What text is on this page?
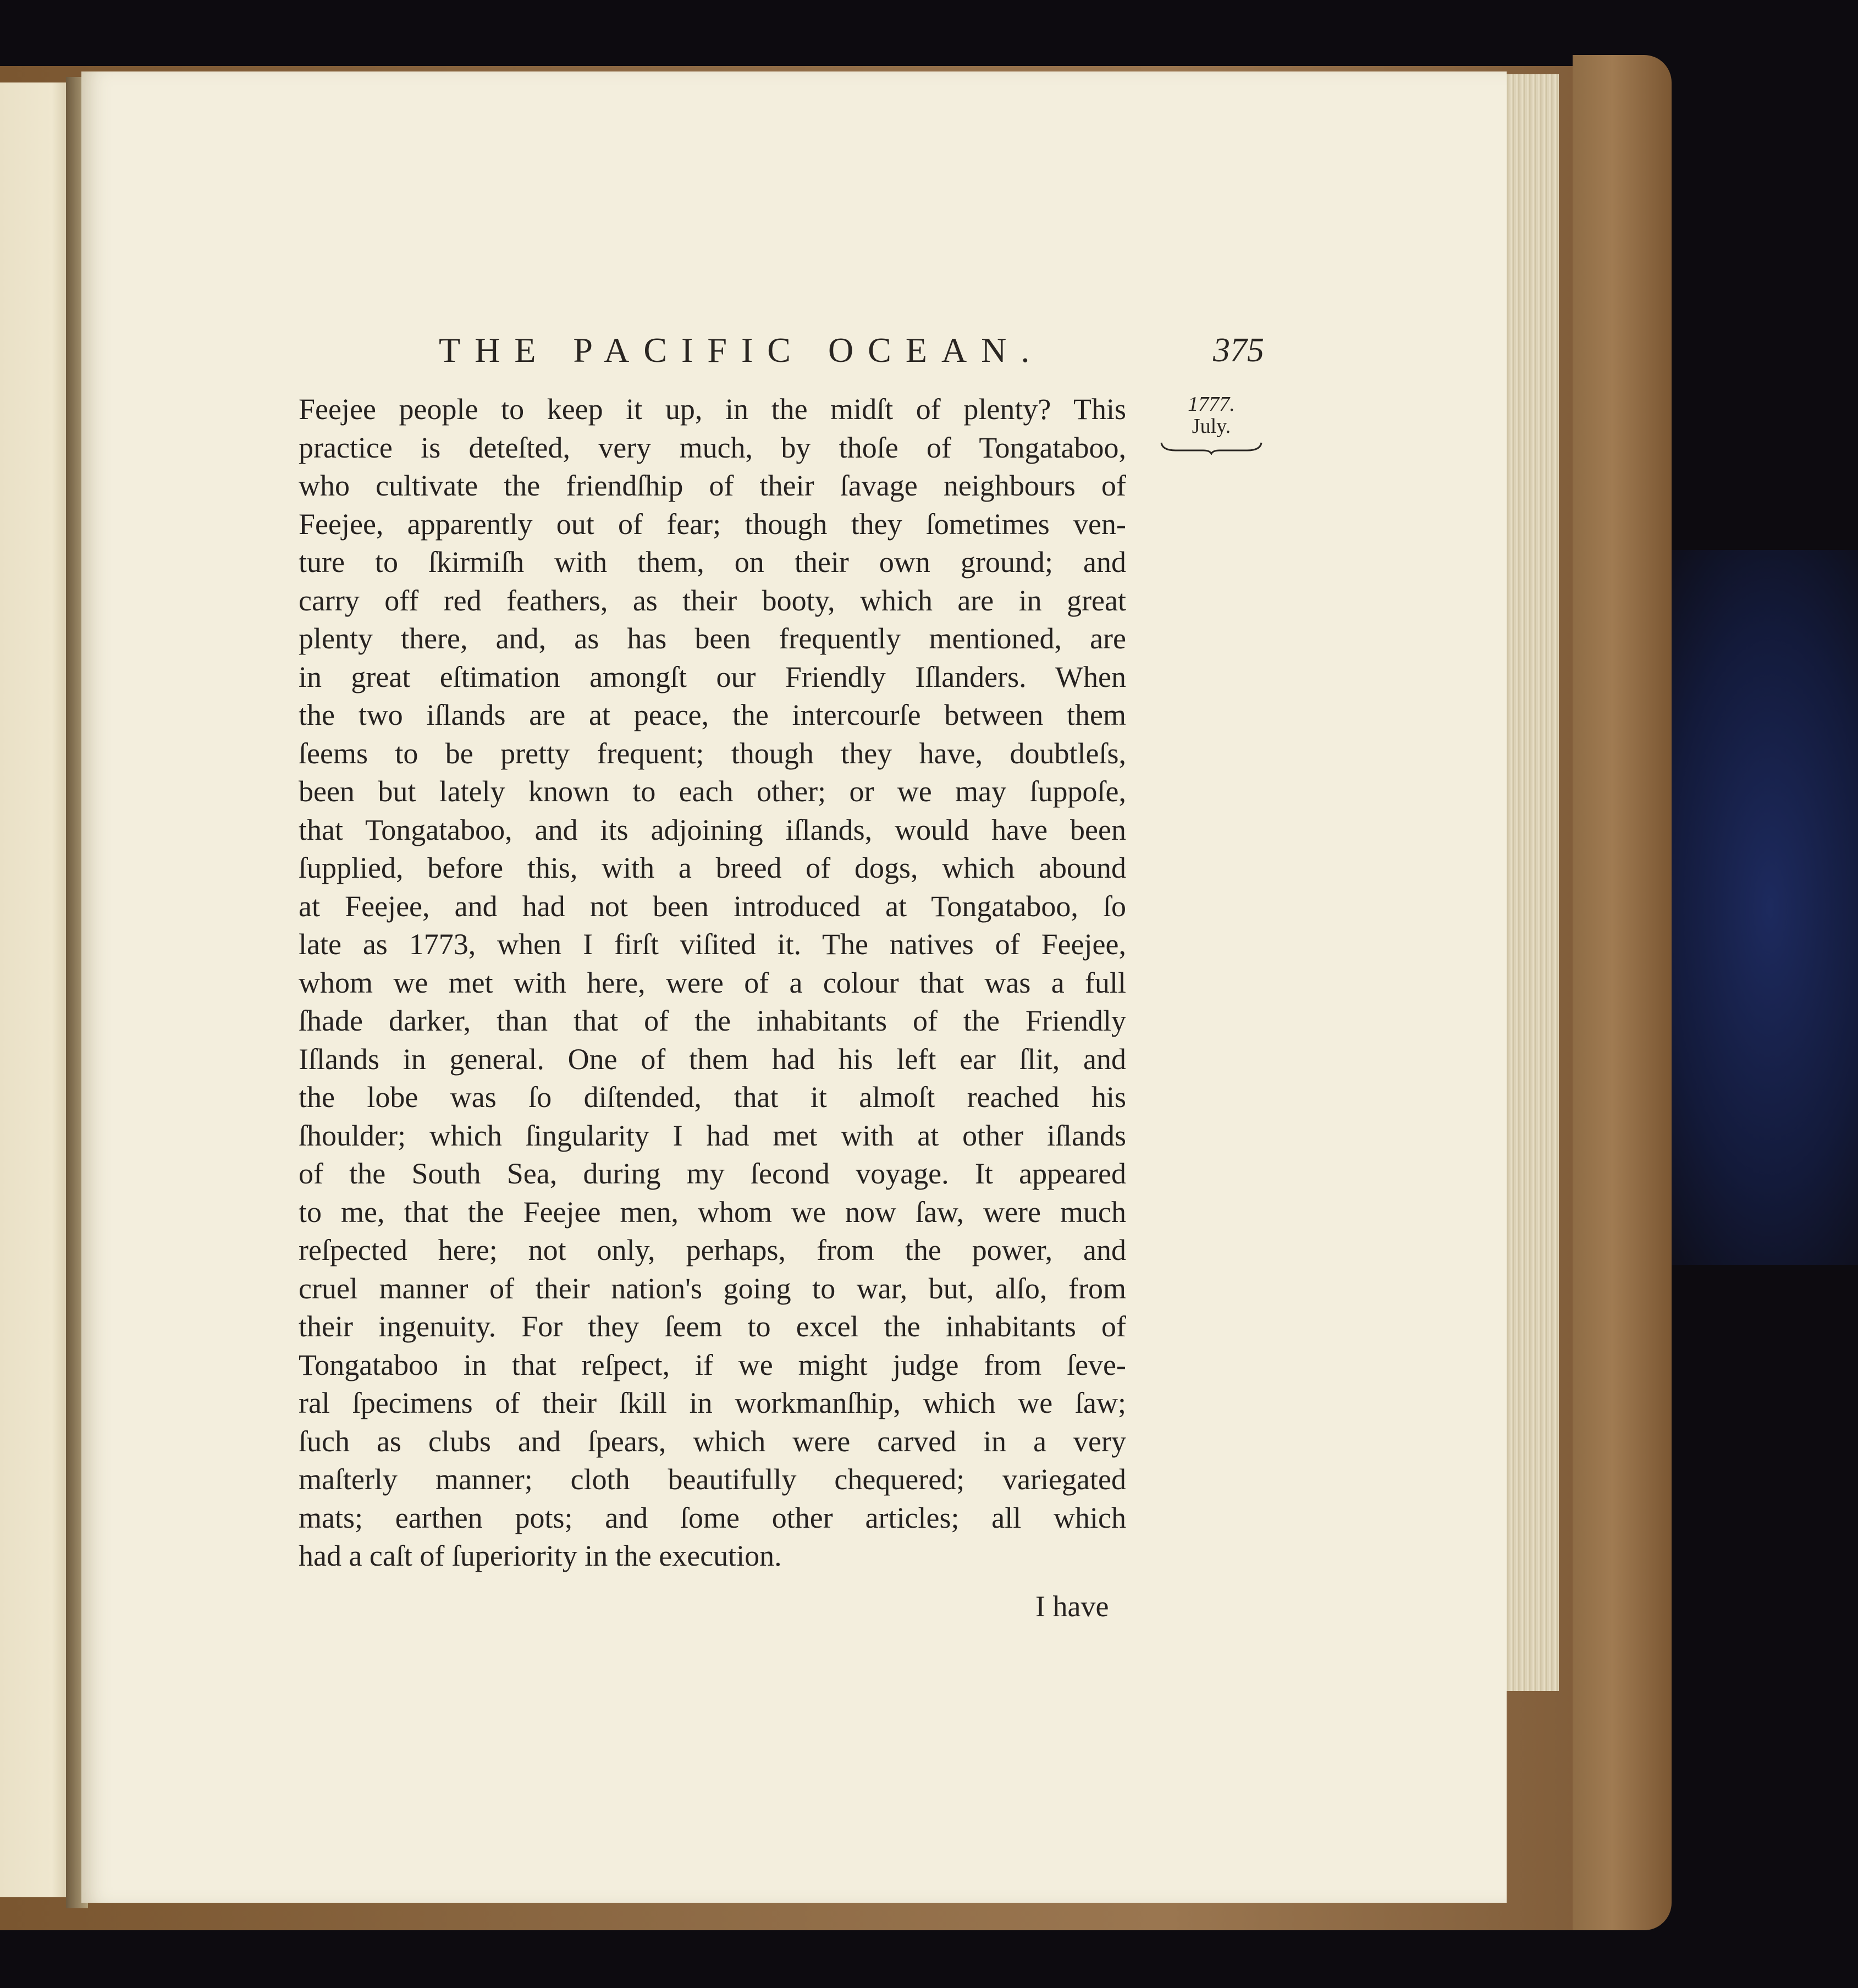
THE PACIFIC OCEAN.	375
1777.
July.
Feejee people to keep it up, in the midſt of plenty? This
practice is deteſted, very much, by thoſe of Tongataboo,
who cultivate the friendſhip of their ſavage neighbours of
Feejee, apparently out of fear; though they ſometimes ven-
ture to ſkirmiſh with them, on their own ground; and
carry off red feathers, as their booty, which are in great
plenty there, and, as has been frequently mentioned, are
in great eſtimation amongſt our Friendly Iſlanders. When
the two iſlands are at peace, the intercourſe between them
ſeems to be pretty frequent; though they have, doubtleſs,
been but lately known to each other; or we may ſuppoſe,
that Tongataboo, and its adjoining iſlands, would have been
ſupplied, before this, with a breed of dogs, which abound
at Feejee, and had not been introduced at Tongataboo, ſo
late as 1773, when I firſt viſited it. The natives of Feejee,
whom we met with here, were of a colour that was a full
ſhade darker, than that of the inhabitants of the Friendly
Iſlands in general. One of them had his left ear ſlit, and
the lobe was ſo diſtended, that it almoſt reached his
ſhoulder; which ſingularity I had met with at other iſlands
of the South Sea, during my ſecond voyage. It appeared
to me, that the Feejee men, whom we now ſaw, were much
reſpected here; not only, perhaps, from the power, and
cruel manner of their nation's going to war, but, alſo, from
their ingenuity. For they ſeem to excel the inhabitants of
Tongataboo in that reſpect, if we might judge from ſeve-
ral ſpecimens of their ſkill in workmanſhip, which we ſaw;
ſuch as clubs and ſpears, which were carved in a very
maſterly manner; cloth beautifully chequered; variegated
mats; earthen pots; and ſome other articles; all which
had a caſt of ſuperiority in the execution.
I have
